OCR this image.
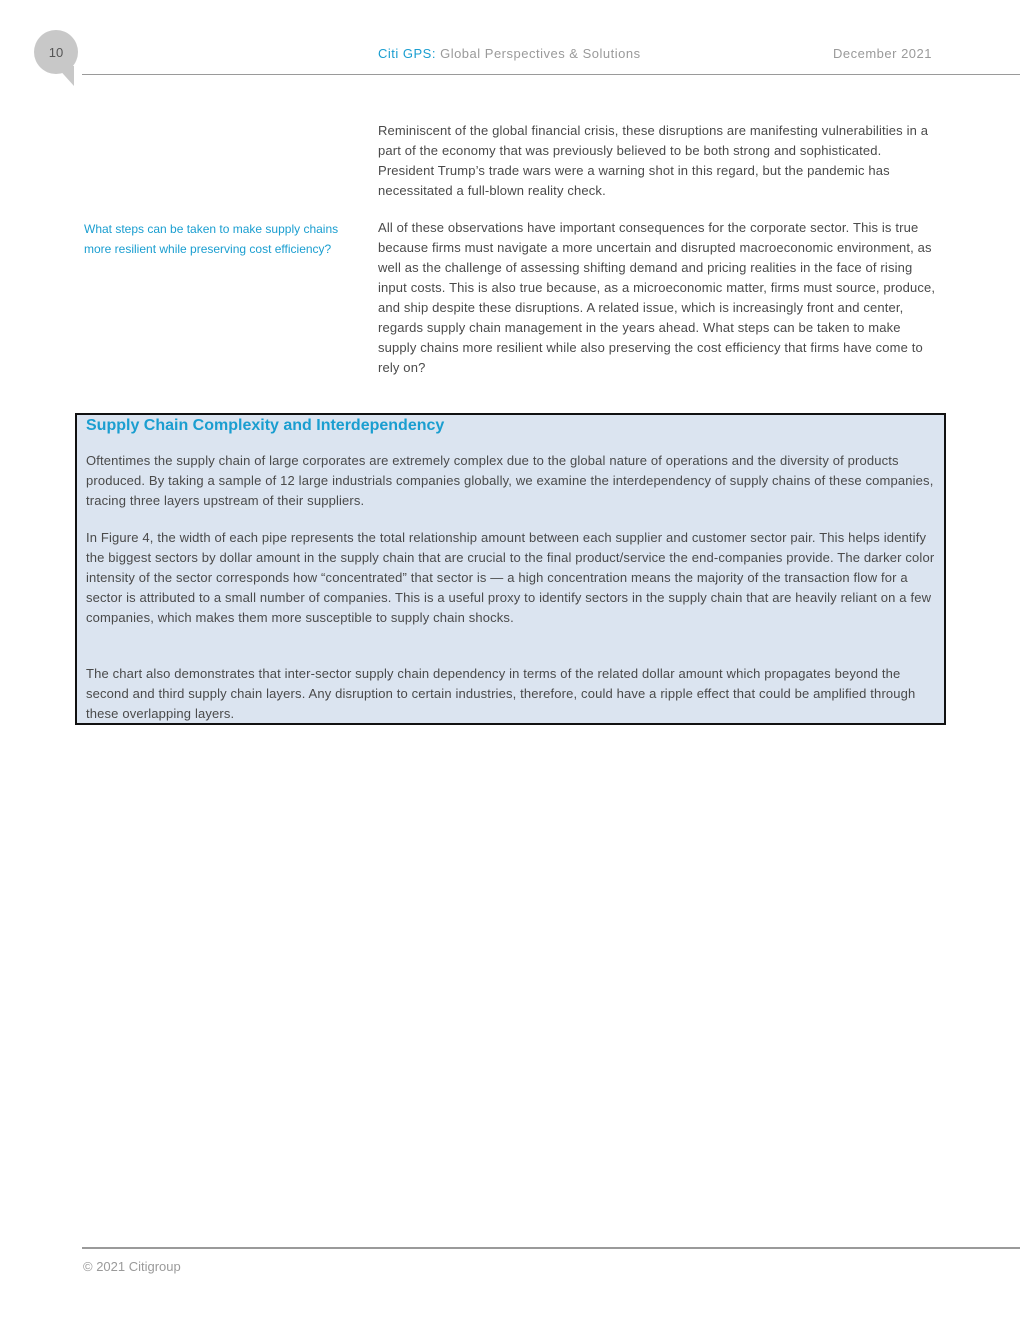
10	Citi GPS: Global Perspectives & Solutions	December 2021

What steps can be taken to make supply chains more resilient while preserving cost efficiency?

Reminiscent of the global financial crisis, these disruptions are manifesting vulnerabilities in a part of the economy that was previously believed to be both strong and sophisticated. President Trump’s trade wars were a warning shot in this regard, but the pandemic has necessitated a full-blown reality check.

All of these observations have important consequences for the corporate sector. This is true because firms must navigate a more uncertain and disrupted macroeconomic environment, as well as the challenge of assessing shifting demand and pricing realities in the face of rising input costs. This is also true because, as a microeconomic matter, firms must source, produce, and ship despite these disruptions. A related issue, which is increasingly front and center, regards supply chain management in the years ahead. What steps can be taken to make supply chains more resilient while also preserving the cost efficiency that firms have come to rely on?

Supply Chain Complexity and Interdependency

Oftentimes the supply chain of large corporates are extremely complex due to the global nature of operations and the diversity of products produced. By taking a sample of 12 large industrials companies globally, we examine the interdependency of supply chains of these companies, tracing three layers upstream of their suppliers.

In Figure 4, the width of each pipe represents the total relationship amount between each supplier and customer sector pair. This helps identify the biggest sectors by dollar amount in the supply chain that are crucial to the final product/service the end-companies provide. The darker color intensity of the sector corresponds how “concentrated” that sector is — a high concentration means the majority of the transaction flow for a sector is attributed to a small number of companies. This is a useful proxy to identify sectors in the supply chain that are heavily reliant on a few companies, which makes them more susceptible to supply chain shocks.

The chart also demonstrates that inter-sector supply chain dependency in terms of the related dollar amount which propagates beyond the second and third supply chain layers. Any disruption to certain industries, therefore, could have a ripple effect that could be amplified through these overlapping layers.

© 2021 Citigroup
